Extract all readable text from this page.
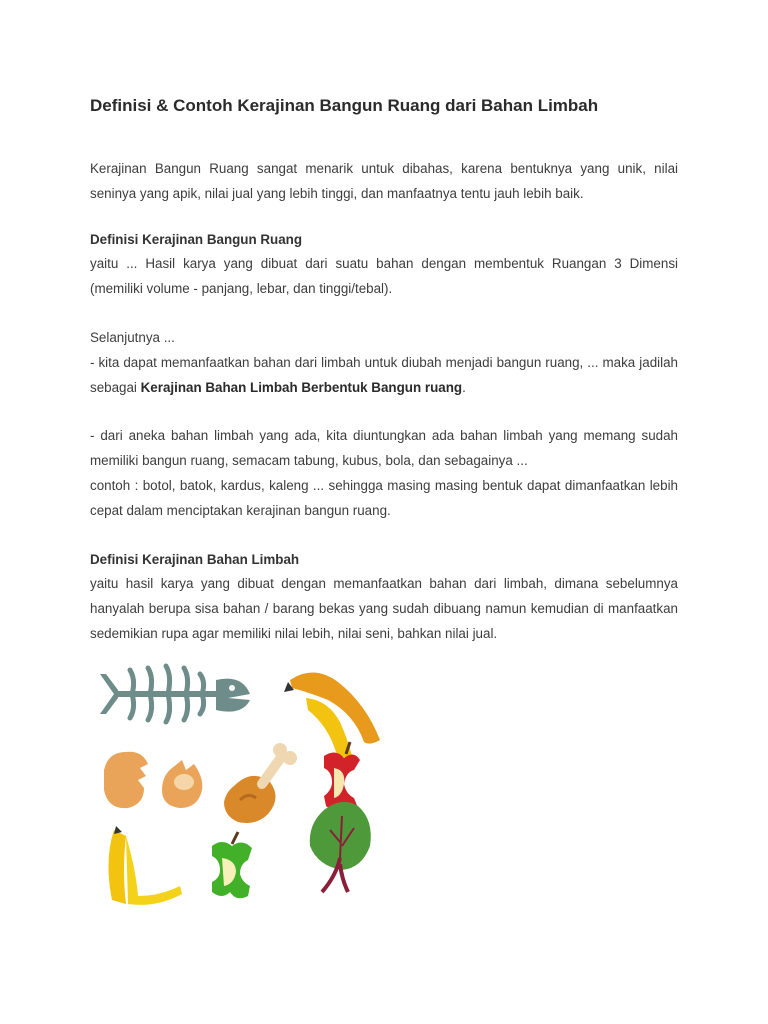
Definisi & Contoh Kerajinan Bangun Ruang dari Bahan Limbah

Kerajinan Bangun Ruang sangat menarik untuk dibahas, karena bentuknya yang unik, nilai seninya yang apik, nilai jual yang lebih tinggi, dan manfaatnya tentu jauh lebih baik.

Definisi Kerajinan Bangun Ruang

yaitu ... Hasil karya yang dibuat dari suatu bahan dengan membentuk Ruangan 3 Dimensi (memiliki volume - panjang, lebar, dan tinggi/tebal).

Selanjutnya ...

- kita dapat memanfaatkan bahan dari limbah untuk diubah menjadi bangun ruang, ... maka jadilah sebagai Kerajinan Bahan Limbah Berbentuk Bangun ruang.

- dari aneka bahan limbah yang ada, kita diuntungkan ada bahan limbah yang memang sudah memiliki bangun ruang, semacam tabung, kubus, bola, dan sebagainya ...

contoh : botol, batok, kardus, kaleng ... sehingga masing masing bentuk dapat dimanfaatkan lebih cepat dalam menciptakan kerajinan bangun ruang.

Definisi Kerajinan Bahan Limbah

yaitu hasil karya yang dibuat dengan memanfaatkan bahan dari limbah, dimana sebelumnya hanyalah berupa sisa bahan / barang bekas yang sudah dibuang namun kemudian di manfaatkan sedemikian rupa agar memiliki nilai lebih, nilai seni, bahkan nilai jual.
